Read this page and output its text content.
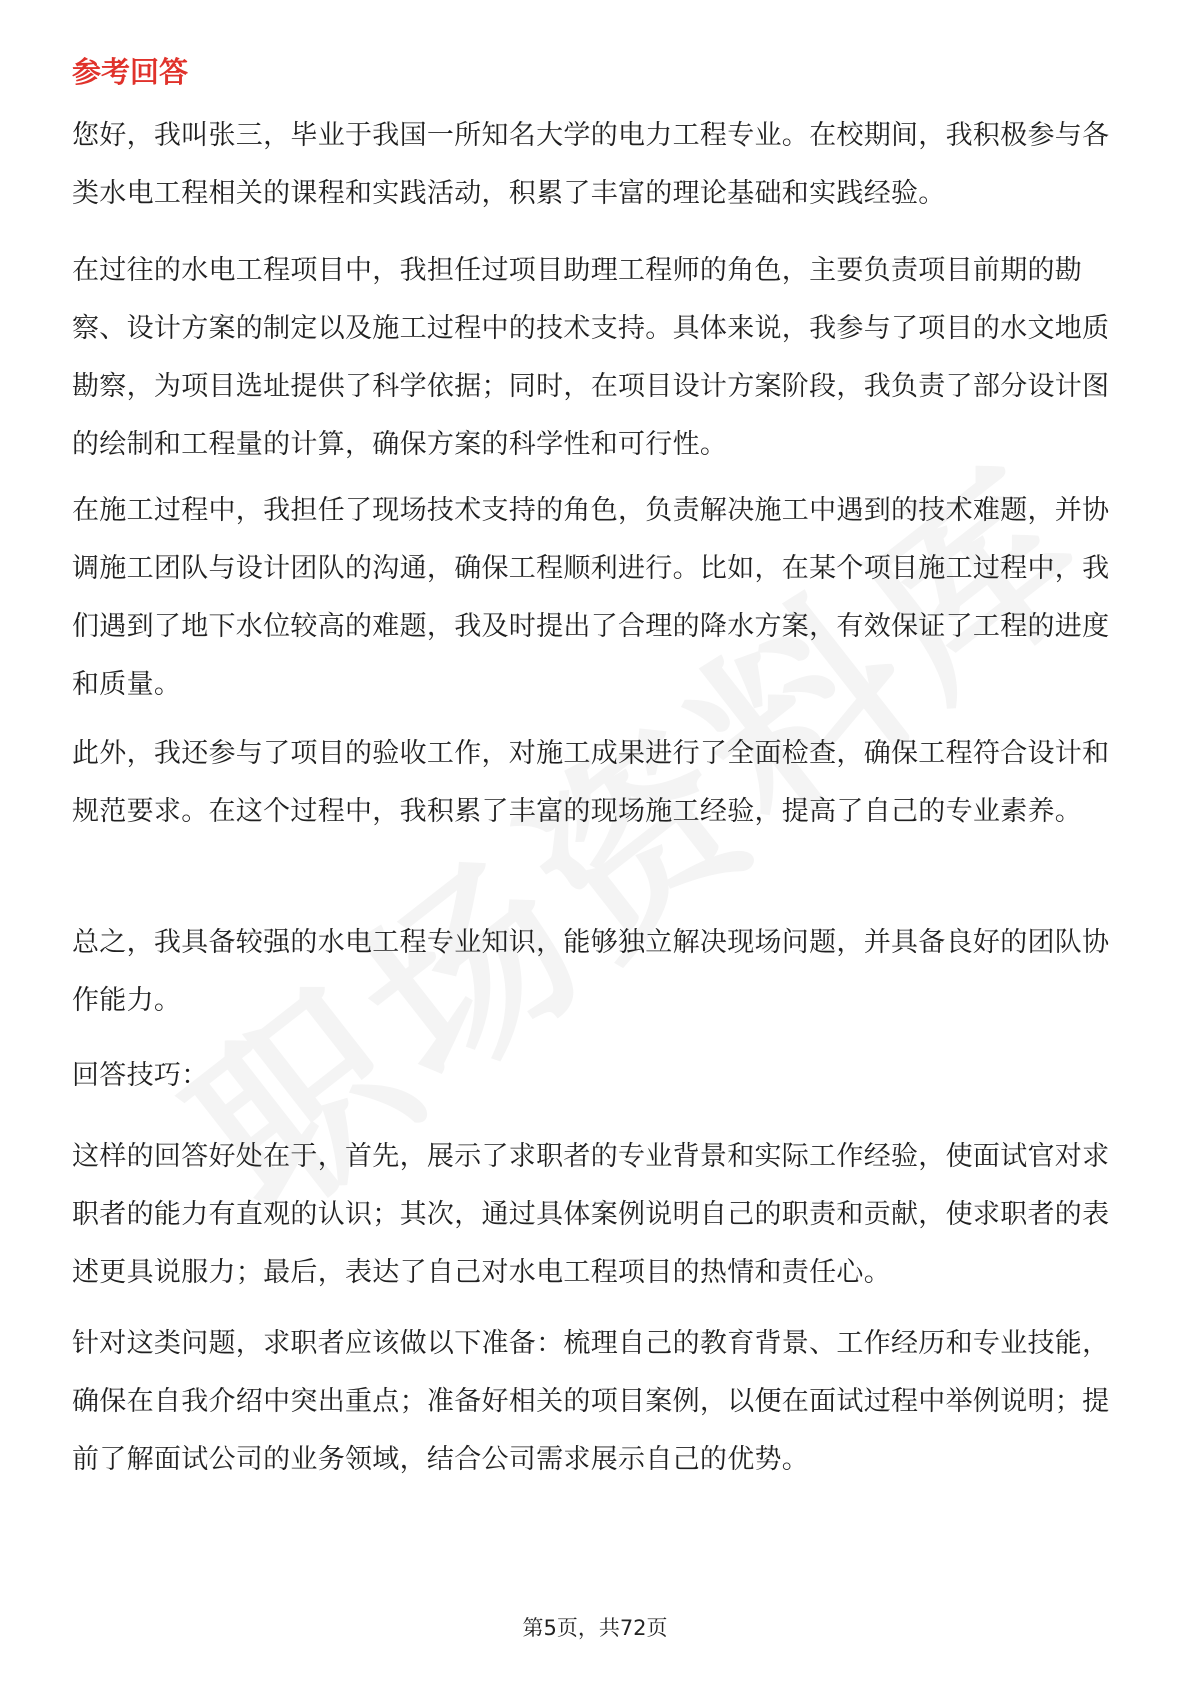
参考回答

您好，我叫张三，毕业于我国一所知名大学的电力工程专业。在校期间，我积极参与各类水电工程相关的课程和实践活动，积累了丰富的理论基础和实践经验。

在过往的水电工程项目中，我担任过项目助理工程师的角色，主要负责项目前期的勘察、设计方案的制定以及施工过程中的技术支持。具体来说，我参与了项目的水文地质勘察，为项目选址提供了科学依据；同时，在项目设计方案阶段，我负责了部分设计图的绘制和工程量的计算，确保方案的科学性和可行性。

在施工过程中，我担任了现场技术支持的角色，负责解决施工中遇到的技术难题，并协调施工团队与设计团队的沟通，确保工程顺利进行。比如，在某个项目施工过程中，我们遇到了地下水位较高的难题，我及时提出了合理的降水方案，有效保证了工程的进度和质量。

此外，我还参与了项目的验收工作，对施工成果进行了全面检查，确保工程符合设计和规范要求。在这个过程中，我积累了丰富的现场施工经验，提高了自己的专业素养。

总之，我具备较强的水电工程专业知识，能够独立解决现场问题，并具备良好的团队协作能力。

回答技巧：

这样的回答好处在于，首先，展示了求职者的专业背景和实际工作经验，使面试官对求职者的能力有直观的认识；其次，通过具体案例说明自己的职责和贡献，使求职者的表述更具说服力；最后，表达了自己对水电工程项目的热情和责任心。

针对这类问题，求职者应该做以下准备：梳理自己的教育背景、工作经历和专业技能，确保在自我介绍中突出重点；准备好相关的项目案例，以便在面试过程中举例说明；提前了解面试公司的业务领域，结合公司需求展示自己的优势。

第5页，共72页
